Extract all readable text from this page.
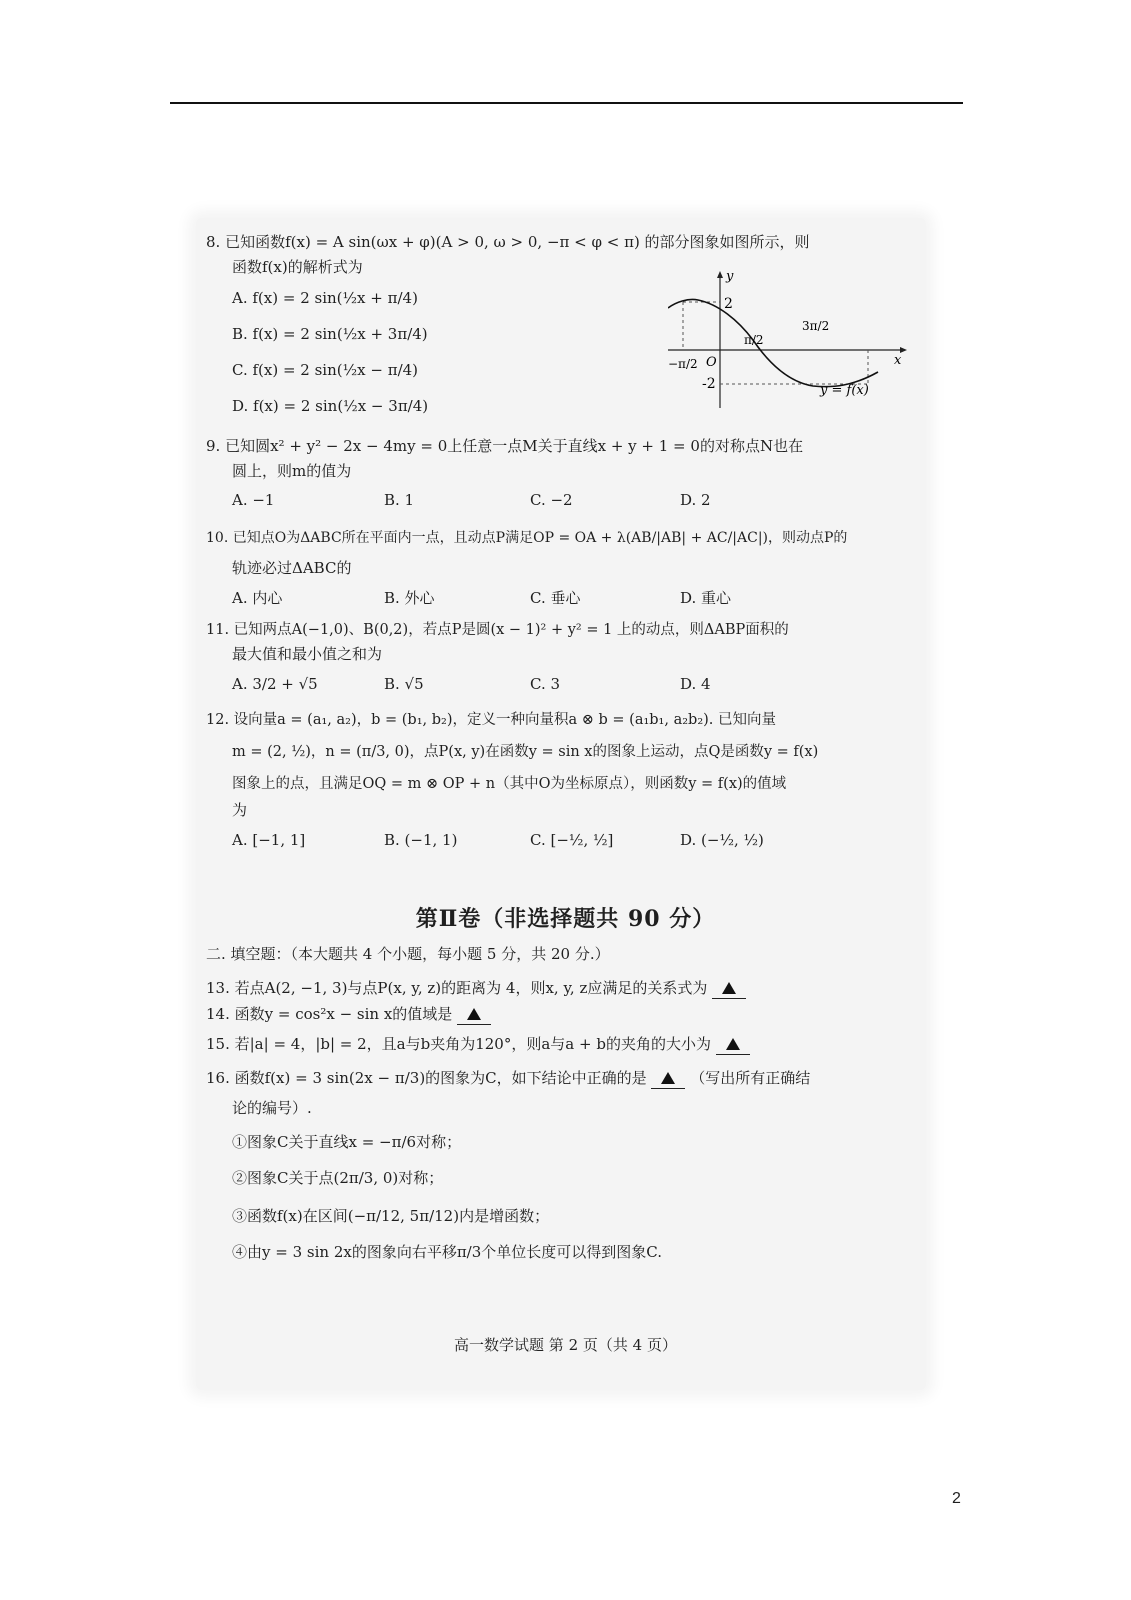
8. 已知函数f(x) = A sin(ωx + φ)(A > 0, ω > 0, −π < φ < π) 的部分图象如图所示，则
函数f(x)的解析式为
A. f(x) = 2 sin(½x + π/4)
B. f(x) = 2 sin(½x + 3π/4)
C. f(x) = 2 sin(½x − π/4)
D. f(x) = 2 sin(½x − 3π/4)
y
x
O
2
-2
−π/2
π/2
3π/2
y = f(x)
9. 已知圆x² + y² − 2x − 4my = 0上任意一点M关于直线x + y + 1 = 0的对称点N也在
圆上，则m的值为
A. −1	B. 1	C. −2	D. 2
10. 已知点O为ΔABC所在平面内一点，且动点P满足OP = OA + λ(AB/|AB| + AC/|AC|)，则动点P的
轨迹必过ΔABC的
A. 内心	B. 外心	C. 垂心	D. 重心
11. 已知两点A(−1,0)、B(0,2)，若点P是圆(x − 1)² + y² = 1 上的动点，则ΔABP面积的
最大值和最小值之和为
A. 3/2 + √5	B. √5	C. 3	D. 4
12. 设向量a = (a₁, a₂)，b = (b₁, b₂)，定义一种向量积a ⊗ b = (a₁b₁, a₂b₂). 已知向量
m = (2, ½)，n = (π/3, 0)，点P(x, y)在函数y = sin x的图象上运动，点Q是函数y = f(x)
图象上的点，且满足OQ = m ⊗ OP + n（其中O为坐标原点），则函数y = f(x)的值域
为
A. [−1, 1]	B. (−1, 1)	C. [−½, ½]	D. (−½, ½)
第Ⅱ卷（非选择题共 90 分）
二. 填空题：（本大题共 4 个小题，每小题 5 分，共 20 分.）
13. 若点A(2, −1, 3)与点P(x, y, z)的距离为 4，则x, y, z应满足的关系式为
14. 函数y = cos²x − sin x的值域是
15. 若|a| = 4，|b| = 2，且a与b夹角为120°，则a与a + b的夹角的大小为
16. 函数f(x) = 3 sin(2x − π/3)的图象为C，如下结论中正确的是	（写出所有正确结
论的编号）.
①图象C关于直线x = −π/6对称；
②图象C关于点(2π/3, 0)对称；
③函数f(x)在区间(−π/12, 5π/12)内是增函数；
④由y = 3 sin 2x的图象向右平移π/3个单位长度可以得到图象C.
高一数学试题 第 2 页（共 4 页）
2
